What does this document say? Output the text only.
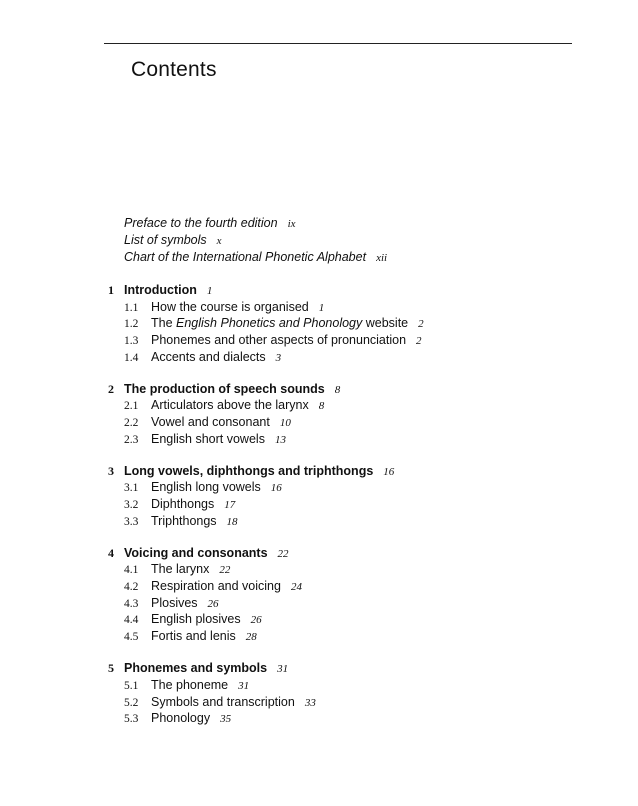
Contents
Preface to the fourth edition ix
List of symbols x
Chart of the International Phonetic Alphabet xii
1 Introduction 1
1.1 How the course is organised 1
1.2 The English Phonetics and Phonology website 2
1.3 Phonemes and other aspects of pronunciation 2
1.4 Accents and dialects 3
2 The production of speech sounds 8
2.1 Articulators above the larynx 8
2.2 Vowel and consonant 10
2.3 English short vowels 13
3 Long vowels, diphthongs and triphthongs 16
3.1 English long vowels 16
3.2 Diphthongs 17
3.3 Triphthongs 18
4 Voicing and consonants 22
4.1 The larynx 22
4.2 Respiration and voicing 24
4.3 Plosives 26
4.4 English plosives 26
4.5 Fortis and lenis 28
5 Phonemes and symbols 31
5.1 The phoneme 31
5.2 Symbols and transcription 33
5.3 Phonology 35
